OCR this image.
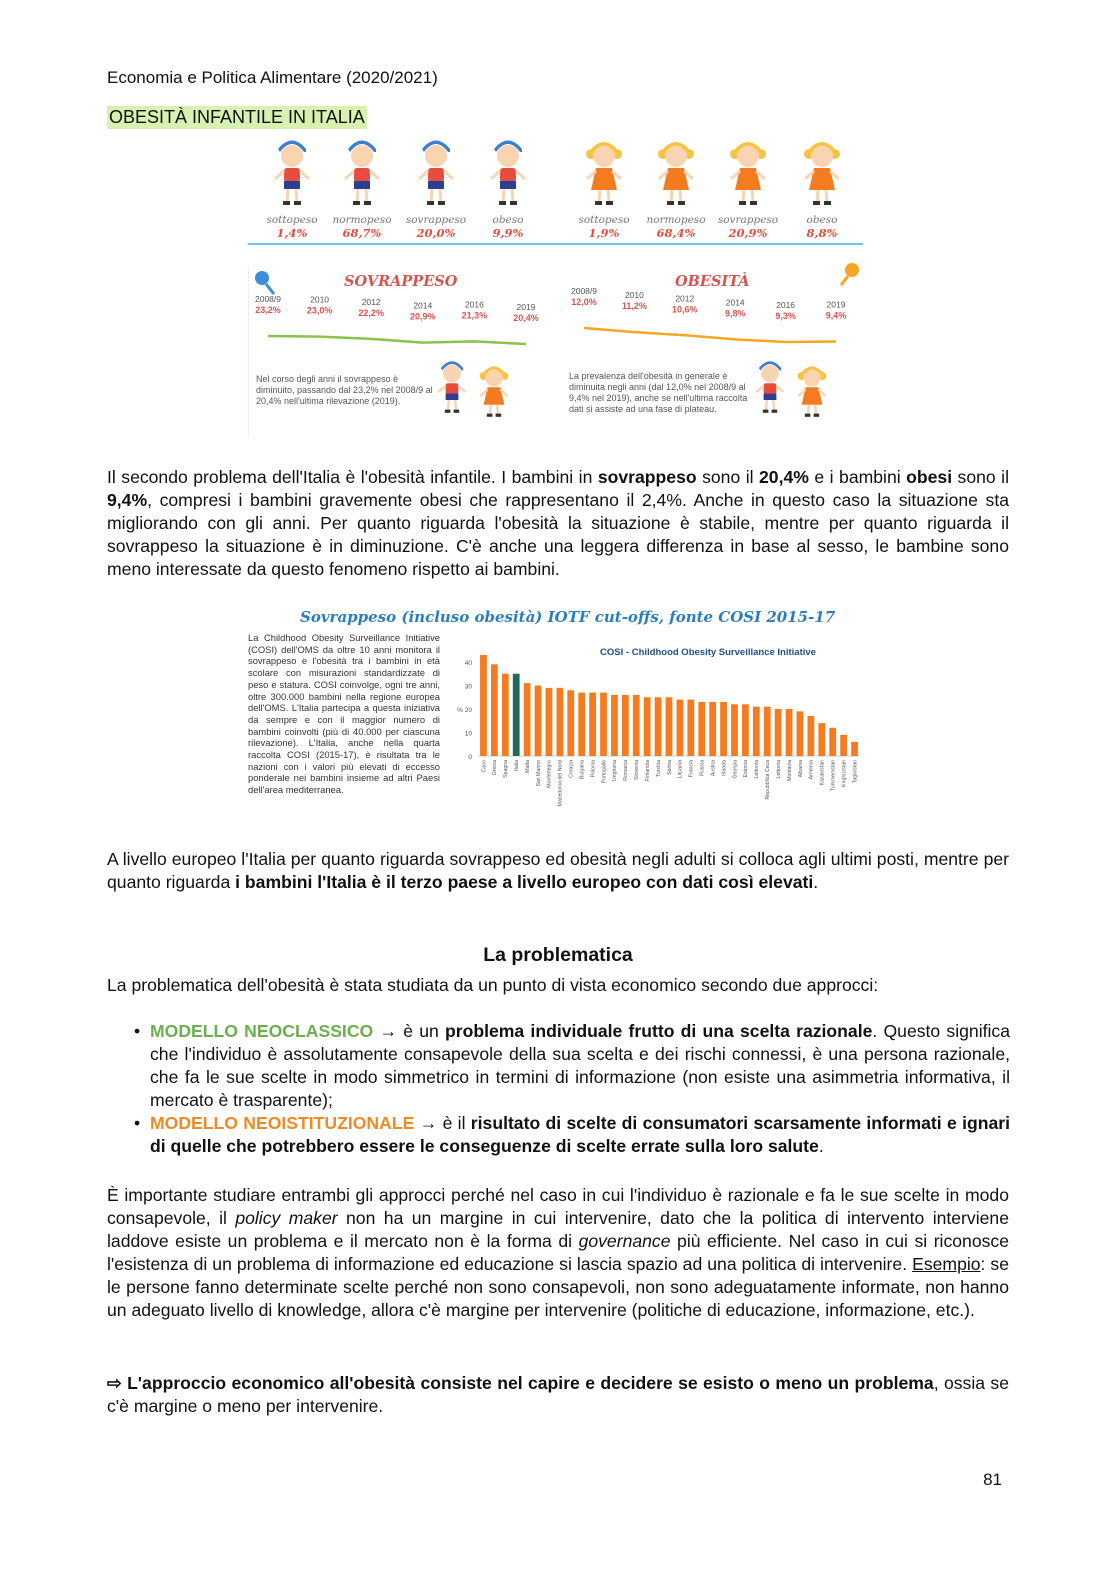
Economia e Politica Alimentare (2020/2021)
OBESITÀ INFANTILE IN ITALIA
sottopeso
1,4%
normopeso
68,7%
sovrappeso
20,0%
obeso
9,9%
sottopeso
1,9%
normopeso
68,4%
sovrappeso
20,9%
obeso
8,8%
SOVRAPPESO	OBESITÀ
2008/9
23,2%
2010
23,0%
2012
22,2%
2014
20,9%
2016
21,3%
2019
20,4%
2008/9
12,0%
2010
11,2%
2012
10,6%
2014
9,8%
2016
9,3%
2019
9,4%
Nel corso degli anni il sovrappeso è diminuito, passando dal 23,2% nel 2008/9 al 20,4% nell'ultima rilevazione (2019).
La prevalenza dell'obesità in generale è diminuita negli anni (dal 12,0% nel 2008/9 al 9,4% nel 2019), anche se nell'ultima raccolta dati si assiste ad una fase di plateau.
Il secondo problema dell'Italia è l'obesità infantile. I bambini in sovrappeso sono il 20,4% e i bambini obesi sono il 9,4%, compresi i bambini gravemente obesi che rappresentano il 2,4%. Anche in questo caso la situazione sta migliorando con gli anni. Per quanto riguarda l'obesità la situazione è stabile, mentre per quanto riguarda il sovrappeso la situazione è in diminuzione. C'è anche una leggera differenza in base al sesso, le bambine sono meno interessate da questo fenomeno rispetto ai bambini.
Sovrappeso (incluso obesità) IOTF cut-offs, fonte COSI 2015-17
La Childhood Obesity Surveillance Initiative (COSI) dell'OMS da oltre 10 anni monitora il sovrappeso e l'obesità tra i bambini in età scolare con misurazioni standardizzate di peso e statura. COSI coinvolge, ogni tre anni, oltre 300.000 bambini nella regione europea dell'OMS. L'Italia partecipa a questa iniziativa da sempre e con il maggior numero di bambini coinvolti (più di 40.000 per ciascuna rilevazione). L'Italia, anche nella quarta raccolta COSI (2015-17), è risultata tra le nazioni con i valori più elevati di eccesso ponderale nei bambini insieme ad altri Paesi dell'area mediterranea.
COSI - Childhood Obesity Surveillance Initiative
0
10
20
30
40
%
Cipro Grecia Spagna Italia Malta San Marino Montenegro Macedonia del Nord Croazia Bulgaria Polonia Portogallo Ungheria Romania Slovenia Finlandia Turchia Serbia Lituania Francia Russia Austria Irlanda Georgia Estonia Lettonia Repubblica Ceca Lettonia Moldavia Albania Armenia Kazakistan Turkmenistan Kirghizistan Tagikistan
A livello europeo l'Italia per quanto riguarda sovrappeso ed obesità negli adulti si colloca agli ultimi posti, mentre per quanto riguarda i bambini l'Italia è il terzo paese a livello europeo con dati così elevati.
La problematica
La problematica dell'obesità è stata studiata da un punto di vista economico secondo due approcci:
• MODELLO NEOCLASSICO → è un problema individuale frutto di una scelta razionale. Questo significa che l'individuo è assolutamente consapevole della sua scelta e dei rischi connessi, è una persona razionale, che fa le sue scelte in modo simmetrico in termini di informazione (non esiste una asimmetria informativa, il mercato è trasparente);
• MODELLO NEOISTITUZIONALE → è il risultato di scelte di consumatori scarsamente informati e ignari di quelle che potrebbero essere le conseguenze di scelte errate sulla loro salute.
È importante studiare entrambi gli approcci perché nel caso in cui l'individuo è razionale e fa le sue scelte in modo consapevole, il policy maker non ha un margine in cui intervenire, dato che la politica di intervento interviene laddove esiste un problema e il mercato non è la forma di governance più efficiente. Nel caso in cui si riconosce l'esistenza di un problema di informazione ed educazione si lascia spazio ad una politica di intervenire. Esempio: se le persone fanno determinate scelte perché non sono consapevoli, non sono adeguatamente informate, non hanno un adeguato livello di knowledge, allora c'è margine per intervenire (politiche di educazione, informazione, etc.).
⇨ L'approccio economico all'obesità consiste nel capire e decidere se esisto o meno un problema, ossia se c'è margine o meno per intervenire.
81
